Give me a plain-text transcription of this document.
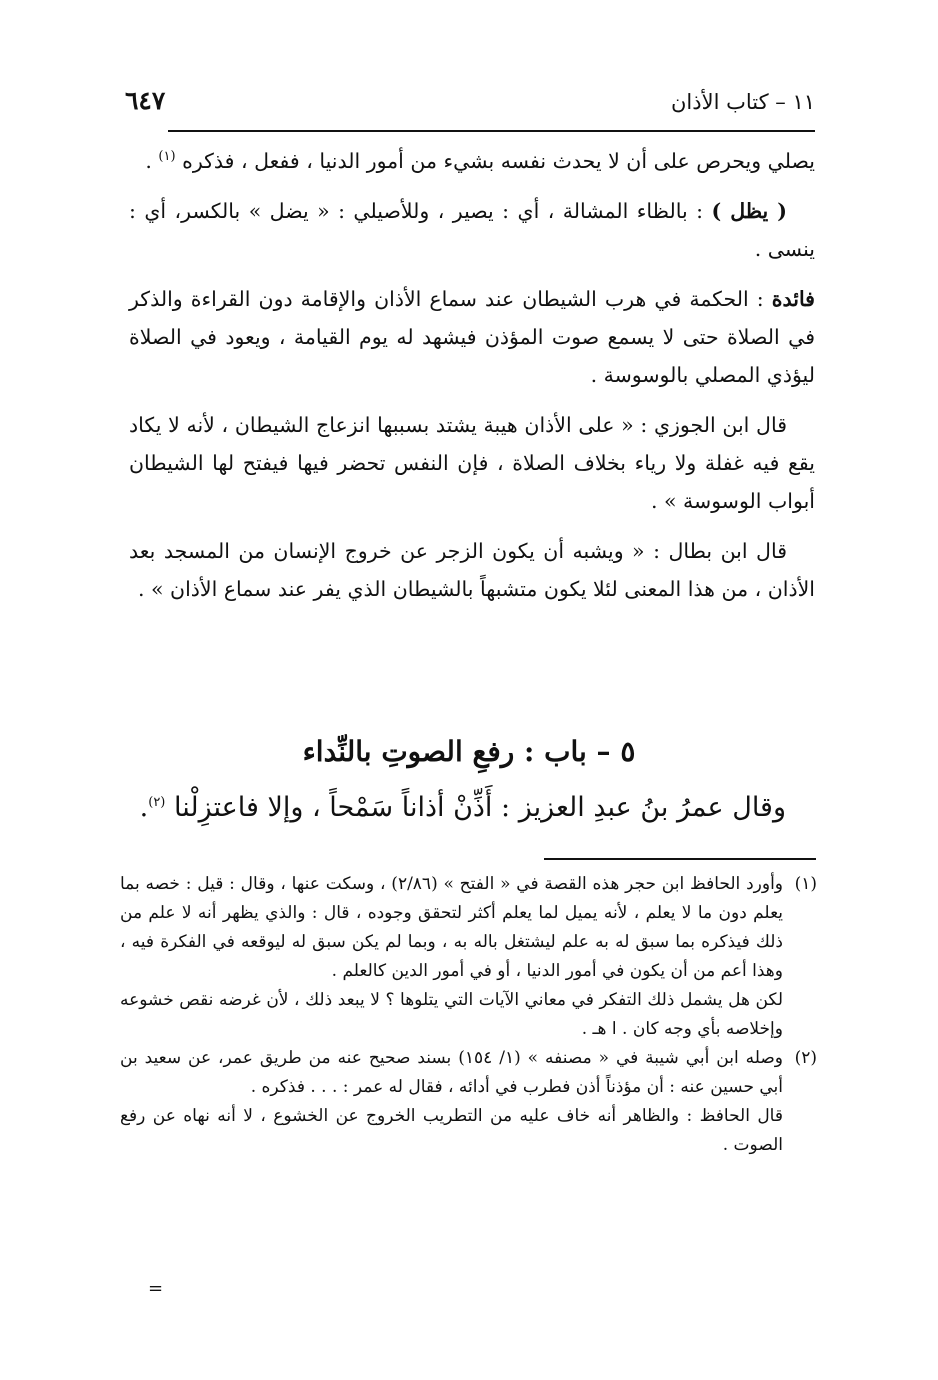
١١ – كتاب الأذان
٦٤٧

يصلي ويحرص على أن لا يحدث نفسه بشيء من أمور الدنيا ، ففعل ، فذكره $^{(١)}$ .

( يظل ) : بالظاء المشالة ، أي : يصير ، وللأصيلي : « يضل » بالكسر، أي : ينسى .

فائدة : الحكمة في هرب الشيطان عند سماع الأذان والإقامة دون القراءة والذكر في الصلاة حتى لا يسمع صوت المؤذن فيشهد له يوم القيامة ، ويعود في الصلاة ليؤذي المصلي بالوسوسة .

قال ابن الجوزي : « على الأذان هيبة يشتد بسببها انزعاج الشيطان ، لأنه لا يكاد يقع فيه غفلة ولا رياء بخلاف الصلاة ، فإن النفس تحضر فيها فيفتح لها الشيطان أبواب الوسوسة » .

قال ابن بطال : « ويشبه أن يكون الزجر عن خروج الإنسان من المسجد بعد الأذان ، من هذا المعنى لئلا يكون متشبهاً بالشيطان الذي يفر عند سماع الأذان » .

٥ – باب : رفعِ الصوتِ بالنِّداء
وقال عمرُ بنُ عبدِ العزيز : أَذِّنْ أذاناً سَمْحاً ، وإلا فاعتزِلْنا $^{(٢)}$.

(١)
وأورد الحافظ ابن حجر هذه القصة في « الفتح » (٢/٨٦) ، وسكت عنها ، وقال : قيل : خصه بما يعلم دون ما لا يعلم ، لأنه يميل لما يعلم أكثر لتحقق وجوده ، قال : والذي يظهر أنه لا علم من ذلك فيذكره بما سبق له به علم ليشتغل باله به ، وبما لم يكن سبق له ليوقعه في الفكرة فيه ، وهذا أعم من أن يكون في أمور الدنيا ، أو في أمور الدين كالعلم .

لكن هل يشمل ذلك التفكر في معاني الآيات التي يتلوها ؟ لا يبعد ذلك ، لأن غرضه نقص خشوعه وإخلاصه بأي وجه كان . ا هـ .

(٢)
وصله ابن أبي شيبة في « مصنفه » (١/ ١٥٤) بسند صحيح عنه من طريق عمر، عن سعيد بن أبي حسين عنه : أن مؤذناً أذن فطرب في أدائه ، فقال له عمر : . . . فذكره .

قال الحافظ : والظاهر أنه خاف عليه من التطريب الخروج عن الخشوع ، لا أنه نهاه عن رفع الصوت .

=
